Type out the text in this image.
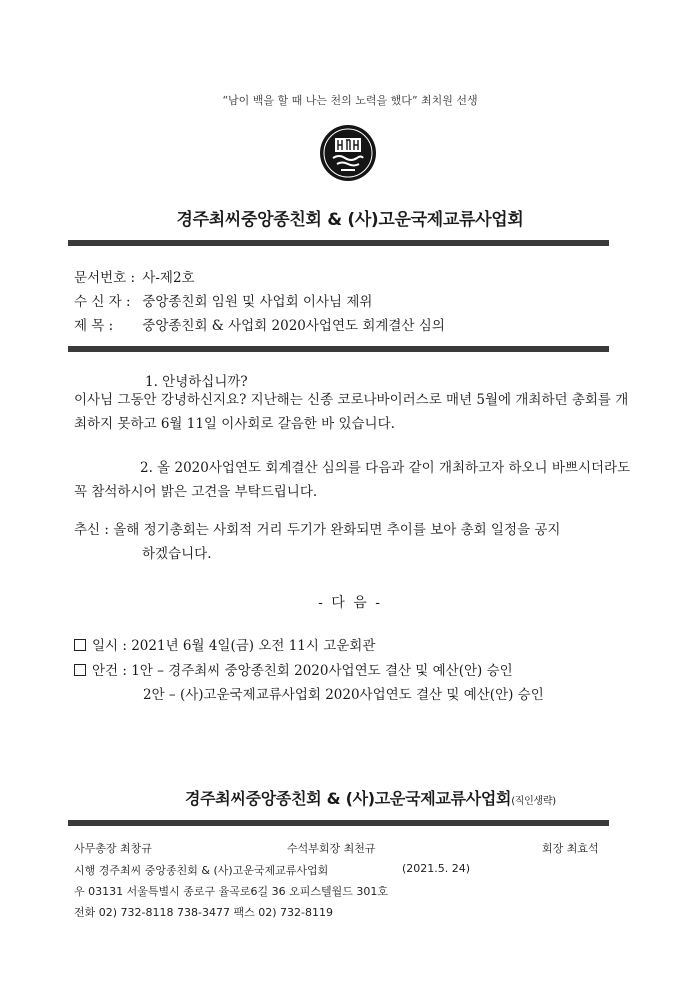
“남이 백을 할 때 나는 천의 노력을 했다” 최치원 선생
경주최씨중앙종친회 & (사)고운국제교류사업회
문서번호 : 사-제2호
수 신 자 : 중앙종친회 임원 및 사업회 이사님 제위
제 목 : 중앙종친회 & 사업회 2020사업연도 회계결산 심의
1. 안녕하십니까?
이사님 그동안 강녕하신지요? 지난해는 신종 코로나바이러스로 매년 5월에 개최하던 총회를 개최하지 못하고 6월 11일 이사회로 갈음한 바 있습니다.
2. 올 2020사업연도 회계결산 심의를 다음과 같이 개최하고자 하오니 바쁘시더라도 꼭 참석하시어 밝은 고견을 부탁드립니다.
추신 : 올해 정기총회는 사회적 거리 두기가 완화되면 추이를 보아 총회 일정을 공지
하겠습니다.
- 다 음 -
일시 : 2021년 6월 4일(금) 오전 11시 고운회관
안건 : 1안 – 경주최씨 중앙종친회 2020사업연도 결산 및 예산(안) 승인
2안 – (사)고운국제교류사업회 2020사업연도 결산 및 예산(안) 승인
경주최씨중앙종친회 & (사)고운국제교류사업회(직인생략)
사무총장 최창규	수석부회장 최천규	회장 최효석
시행 경주최씨 중앙종친회 & (사)고운국제교류사업회	(2021.5. 24)
우 03131 서울특별시 종로구 율곡로6길 36 오피스텔월드 301호
전화 02) 732-8118 738-3477 팩스 02) 732-8119
